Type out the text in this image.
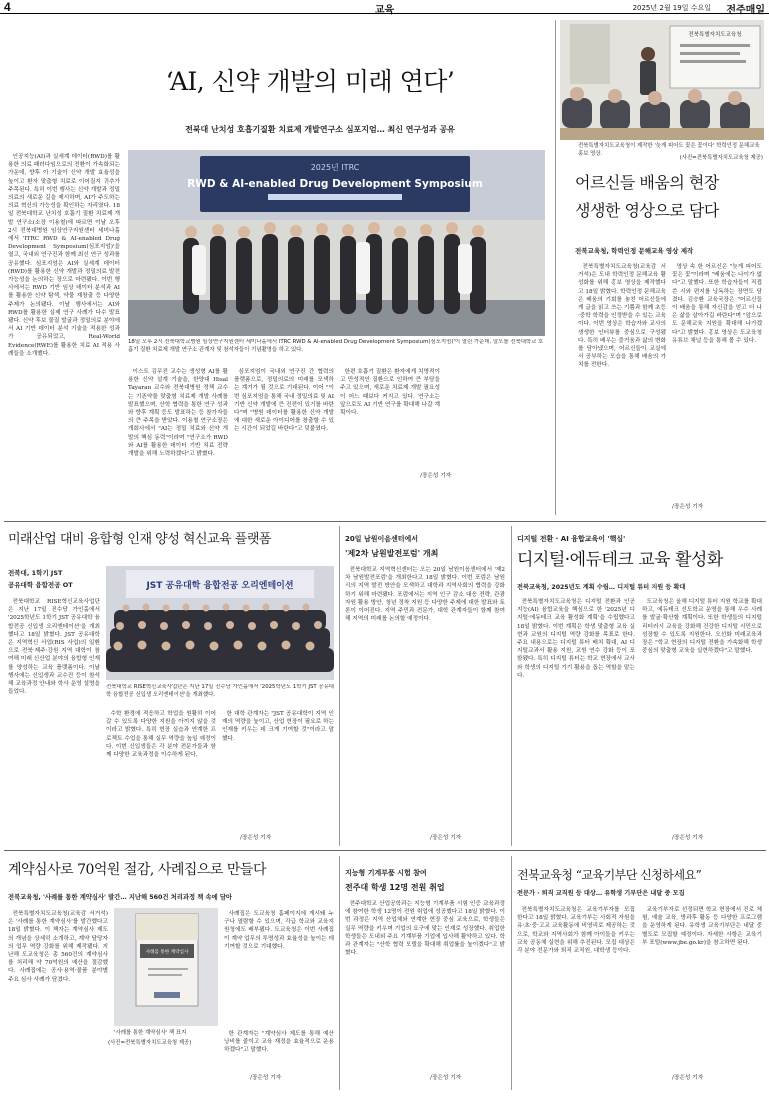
4	교육	2025년 2월 19일 수요일 전주매일
‘AI, 신약 개발의 미래 연다’
전북대 난치성 호흡기질환 치료제 개발연구소 심포지엄… 최신 연구성과 공유

인공지능(AI)과 실세계 데이터(RWD)를 활용한 의료 패러다임으로의 전환이 가속화되는 가운데, 향후 이 기술이 신약 개발 효율성을 높이고 환자 맞춤형 치료로 이어질지 귀추가 주목된다. 특히 이번 행사는 신약 개발과 정밀의료의 새로운 길을 제시하며, AI가 주도하는 의료 혁신의 가능성을 확인하는 자리였다. 18일 전북대학교 난치성 호흡기 질환 치료제 개발 연구소(소장 이용철)에 따르면 이날 오후 2시 전북대병원 임상연구지원센터 세미나홀에서 'ITRC RWD & AI-enabled Drug Development Symposium(심포지엄)'을 열고, 국내외 연구진과 함께 최신 연구 성과를 공유했다. 심포지엄은 AI와 실세계 데이터(RWD)를 활용한 신약 개발과 정밀의료 발전 가능성을 논의하는 장으로 마련됐다. 이번 행사에서는 RWD 기반 임상 데이터 분석과 AI를 활용한 신약 탐색, 약물 재창출 등 다양한 주제가 논의됐다. 이날 행사에서는 AI와 RWD를 활용한 실제 연구 사례가 다수 발표됐다. 신약 후보 물질 발굴과 정밀의료 분야에서 AI 기반 데이터 분석 기술을 적용한 성과가 공유되었고, Real-World Evidence(RWE)를 활용한 치료 AI 적용 사례들을 소개했다.

2025년 ITRC
RWD & AI-enabled Drug Development Symposium
18일 오후 2시 전북대학교병원 임상연구지원센터 세미나홀에서 ITRC RWD & AI-enabled Drug Development Symposium(심포지엄)'이 열린 가운데, 알오를 전북대학교 호흡기 질환 치료제 개발 연구소 관계자 및 참석자들이 기념촬영을 하고 있다.

이스트 김무진 교수는 생성형 AI를 활용한 신약 설계 기술을, 한양대 Hisal Tayaran 교수와 전북대병원 정책 교수는 기존약물 맞춤형 치료제 개발 사례를 발표했으며, 산학 협력을 통한 연구 성과와 향후 계획 등도 발표하는 등 참가자들의 큰 주목을 받았다. 이용철 연구소장은 개회사에서 "AI는 정밀 치료와 신약 개발의 핵심 동력"이라며 "연구소가 RWD와 AI를 활용한 데이터 기반 치료 전략 개발을 위해 노력하겠다"고 밝혔다.

심포지엄이 국내외 연구진 간 협력의 플랫폼으로, 정밀의료의 미래를 모색하는 계기가 될 것으로 기대된다. 이어 "이번 심포지엄을 통해 국내 정밀의료 및 AI 기반 신약 개발에 큰 진전이 있기를 바란다"며 "병원 데이터를 활용한 신약 개발에 대한 새로운 아이디어를 창출할 수 있는 시간이 되었길 바란다"고 덧붙였다.

한편 호흡기 질환은 환자에게 치명적이고 만성적인 질환으로 인하여 큰 부담을 주고 있으며, 새로운 치료제 개발 필요성이 어느 때보다 커지고 있다. 연구소는 앞으로도 AI 기반 연구를 확대해 나갈 계획이다.

/장은성 기자
전북특별자치도교육청
전북특별자치도교육청이 제작한 '늦게 피어도 꽃은 꽃이다' 학력인정 문해교육 홍보 영상.
(사진=전북특별자치도교육청 제공)
어르신들 배움의 현장
생생한 영상으로 담다
전북교육청, 학력인정 문해교육 영상 제작

전북특별자치도교육청(교육감 서거석)은 도내 학력인정 문해교육 활성화를 위해 홍보 영상을 제작했다고 18일 밝혔다. 학력인정 문해교육은 배움의 기회를 놓친 어르신들에게 글을 읽고 쓰는 기쁨과 함께 초등·중학 학력을 인정받을 수 있는 교육이다. 이번 영상은 학습자와 교사의 생생한 인터뷰를 중심으로 구성됐다. 특히 배우는 즐거움과 삶의 변화를 담아냈으며, 어르신들이 교실에서 공부하는 모습을 통해 배움의 가치를 전한다.

영상 속 한 어르신은 "늦게 피어도 꽃은 꽃"이라며 "배움에는 나이가 없다"고 말했다. 또한 학습자들이 직접 쓴 시와 편지를 낭독하는 장면도 담겼다. 김승환 교육국장은 "어르신들이 배움을 통해 자신감을 얻고 더 나은 삶을 살아가길 바란다"며 "앞으로도 문해교육 지원을 확대해 나가겠다"고 밝혔다. 홍보 영상은 도교육청 유튜브 채널 등을 통해 볼 수 있다.

/장은성 기자
미래산업 대비 융합형 인재 양성 혁신교육 플랫폼
전북대, 1학기 JST
공유대학 융합전공 OT

전북대학교 RISE혁신교육사업단은 지난 17일 진수당 가인홀에서 '2025학년도 1학기 JST 공유대학 융합전공 신입생 오리엔테이션'을 개최했다고 18일 밝혔다. JST 공유대학은 지역혁신 사업(RIS 사업)의 일환으로 전북·제주·강원 지역 대학이 참여해 미래 신산업 분야의 융합형 인재를 양성하는 교육 플랫폼이다. 이날 행사에는 신입생과 교수진 등이 참석해 교육과정 안내와 학사 운영 설명을 들었다.

JST 공유대학 융합전공 오리엔테이션
전북대학교 RISE혁신교육사업단은 지난 17일 진수당 가인홀에서 '2025학년도 1학기 JST 공유대학 융합전공 신입생 오리엔테이션'을 개최했다.

수학 환경에 적응하고 학업을 원활히 이어갈 수 있도록 다양한 지원을 아끼지 않을 것이라고 밝혔다. 특히 현장 실습과 연계한 프로젝트 수업을 통해 실무 역량을 높일 예정이다. 이번 신입생들은 각 분야 전문가들과 함께 다양한 교육과정을 이수하게 된다.

한 대학 관계자는 "JST 공유대학이 지역 인재의 역량을 높이고, 산업 현장이 필요로 하는 인재를 키우는 데 크게 기여할 것"이라고 말했다.

/장은성 기자
20일 남원이음센터에서
'제2차 남원발전포럼' 개최

전북대학교 지역혁신센터는 오는 20일 남원이음센터에서 '제2차 남원발전포럼'을 개최한다고 18일 밝혔다. 이번 포럼은 남원시의 지역 발전 방안을 모색하고 대학과 지역사회의 협력을 강화하기 위해 마련됐다. 포럼에서는 지역 인구 감소 대응 전략, 관광 자원 활용 방안, 청년 정착 지원 등 다양한 주제에 대한 발표와 토론이 이어진다. 지역 주민과 전문가, 대학 관계자들이 함께 참여해 지역의 미래를 논의할 예정이다.

/장은성 기자
디지털 전환 · AI 융합교육이 '핵심'
디지털·에듀테크 교육 활성화
전북교육청, 2025년도 계획 수립… 디지털 튜터 지원 등 확대

전북특별자치도교육청은 디지털 전환과 인공지능(AI) 융합교육을 핵심으로 한 '2025년 디지털·에듀테크 교육 활성화 계획'을 수립했다고 18일 밝혔다. 이번 계획은 학생 맞춤형 교육 실현과 교원의 디지털 역량 강화를 목표로 한다. 주요 내용으로는 디지털 튜터 배치 확대, AI 디지털교과서 활용 지원, 교원 연수 강화 등이 포함됐다. 특히 디지털 튜터는 학교 현장에서 교사와 학생의 디지털 기기 활용을 돕는 역할을 맡는다.

도교육청은 올해 디지털 튜터 지원 학교를 확대하고, 에듀테크 선도학교 운영을 통해 우수 사례를 발굴·확산할 계획이다. 또한 학생들의 디지털 리터러시 교육을 강화해 건강한 디지털 시민으로 성장할 수 있도록 지원한다. 오선화 미래교육과장은 "학교 현장의 디지털 전환을 가속화해 학생 중심의 맞춤형 교육을 실현하겠다"고 말했다.

/장은성 기자
계약심사로 70억원 절감, 사례집으로 만들다
전북교육청, '사례를 통한 계약심사' 발간… 지난해 560건 처리과정 책 속에 담아

전북특별자치도교육청(교육감 서거석)은 '사례를 통한 계약심사'를 발간했다고 18일 밝혔다. 이 책자는 계약심사 제도의 개념을 상세히 소개하고, 계약 담당자의 업무 역량 강화를 위해 제작됐다. 지난해 도교육청은 총 560건의 계약심사를 처리해 약 70억원의 예산을 절감했다. 사례집에는 공사·용역·물품 분야별 주요 심사 사례가 담겼다.

사례를 통한 계약심사
'사례를 통한 계약심사' 책 표지
(사진=전북특별자치도교육청 제공)

사례집은 도교육청 홈페이지에 게시돼 누구나 열람할 수 있으며, 각급 학교와 교육지원청에도 배부됐다. 도교육청은 이번 사례집이 계약 업무의 투명성과 효율성을 높이는 데 기여할 것으로 기대했다.

한 관계자는 "계약심사 제도를 통해 예산 낭비를 줄이고 교육 재정을 효율적으로 운용하겠다"고 말했다.

/장은성 기자
지능형 기계부품 시험 참여
전주대 학생 12명 전원 취업

전주대학교 산업공학과는 지능형 기계부품 시험 인증 교육과정에 참여한 학생 12명이 전원 취업에 성공했다고 18일 밝혔다. 이번 과정은 지역 산업체와 연계한 현장 중심 교육으로, 학생들은 실무 역량을 키우며 기업의 요구에 맞는 인재로 성장했다. 취업한 학생들은 도내외 주요 기계부품 기업에 입사해 활약하고 있다. 학과 관계자는 "산학 협력 모델을 확대해 취업률을 높이겠다"고 밝혔다.

/장은성 기자
전북교육청 “교육기부단 신청하세요”
전문가 · 퇴직 교직원 등 대상… 유학생 기부단은 내달 중 모집

전북특별자치도교육청은 교육기부자를 모집한다고 18일 밝혔다. 교육기부는 사회적 자원을 유·초·중·고교 교육활동에 비영리로 제공하는 것으로, 학교와 지역사회가 함께 아이들을 키우는 교육 공동체 실현을 위해 추진된다. 모집 대상은 각 분야 전문가와 퇴직 교직원, 대학생 등이다.

교육기부자로 선정되면 학교 현장에서 진로 체험, 예술 교육, 방과후 활동 등 다양한 프로그램을 운영하게 된다. 유학생 교육기부단은 내달 중 별도로 모집할 예정이다. 자세한 사항은 교육기부 포털(www.jbe.go.kr)을 참고하면 된다.

/장은성 기자
